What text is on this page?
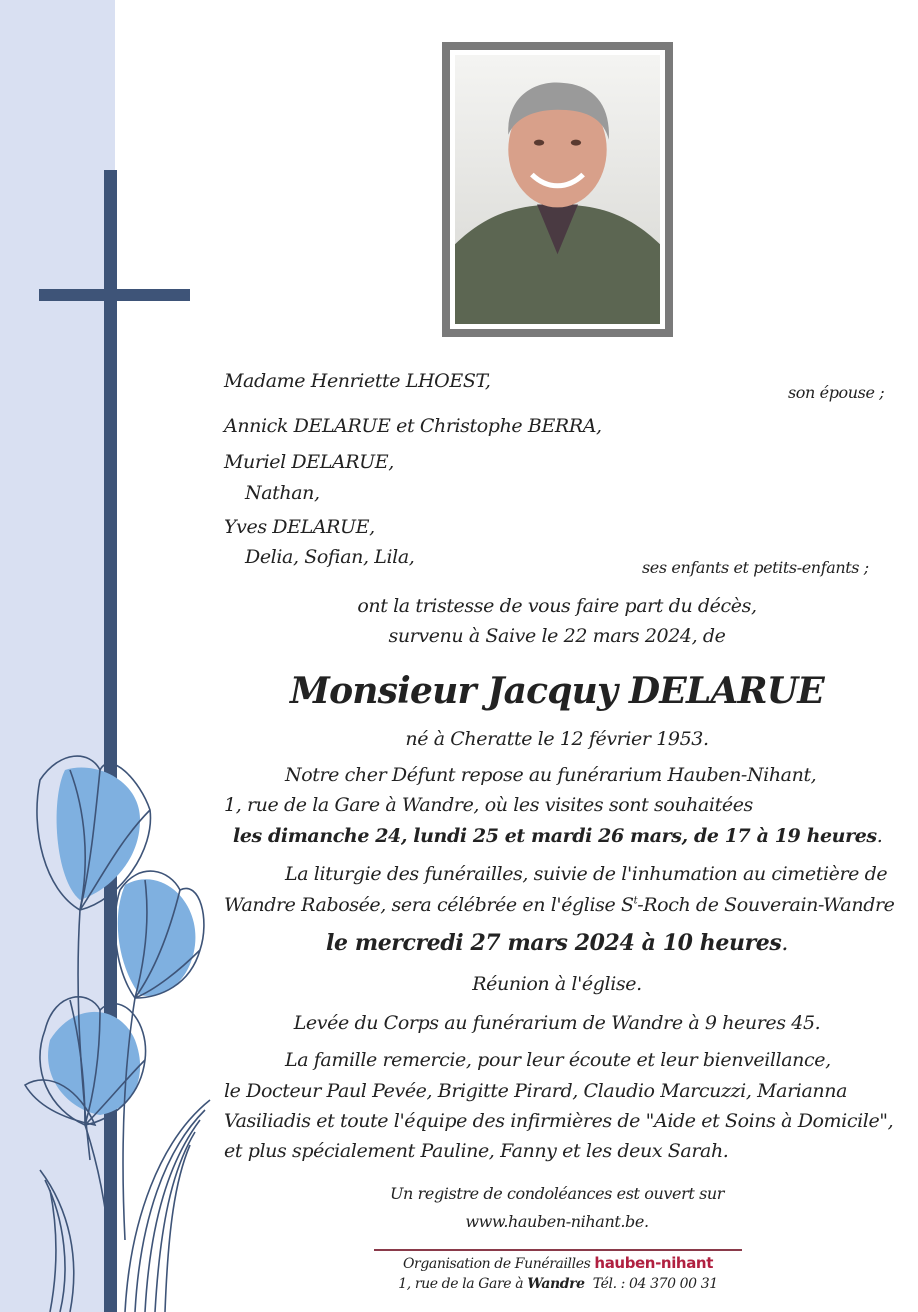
Madame Henriette LHOEST,
son épouse ;
Annick DELARUE et Christophe BERRA,
Muriel DELARUE,
Nathan,
Yves DELARUE,
Delia, Sofian, Lila,	ses enfants et petits-enfants ;
ont la tristesse de vous faire part du décès,
survenu à Saive le 22 mars 2024, de
Monsieur Jacquy DELARUE
né à Cheratte le 12 février 1953.
Notre cher Défunt repose au funérarium Hauben-Nihant,
1, rue de la Gare à Wandre, où les visites sont souhaitées
les dimanche 24, lundi 25 et mardi 26 mars, de 17 à 19 heures.
La liturgie des funérailles, suivie de l'inhumation au cimetière de
Wandre Rabosée, sera célébrée en l'église $S^t$-Roch de Souverain-Wandre
le mercredi 27 mars 2024 à 10 heures.
Réunion à l'église.
Levée du Corps au funérarium de Wandre à 9 heures 45.
La famille remercie, pour leur écoute et leur bienveillance,
le Docteur Paul Pevée, Brigitte Pirard, Claudio Marcuzzi, Marianna
Vasiliadis et toute l'équipe des infirmières de "Aide et Soins à Domicile",
et plus spécialement Pauline, Fanny et les deux Sarah.
Un registre de condoléances est ouvert sur
www.hauben-nihant.be.
Organisation de Funérailles hauben-nihant
1, rue de la Gare à Wandre  Tél. : 04 370 00 31
